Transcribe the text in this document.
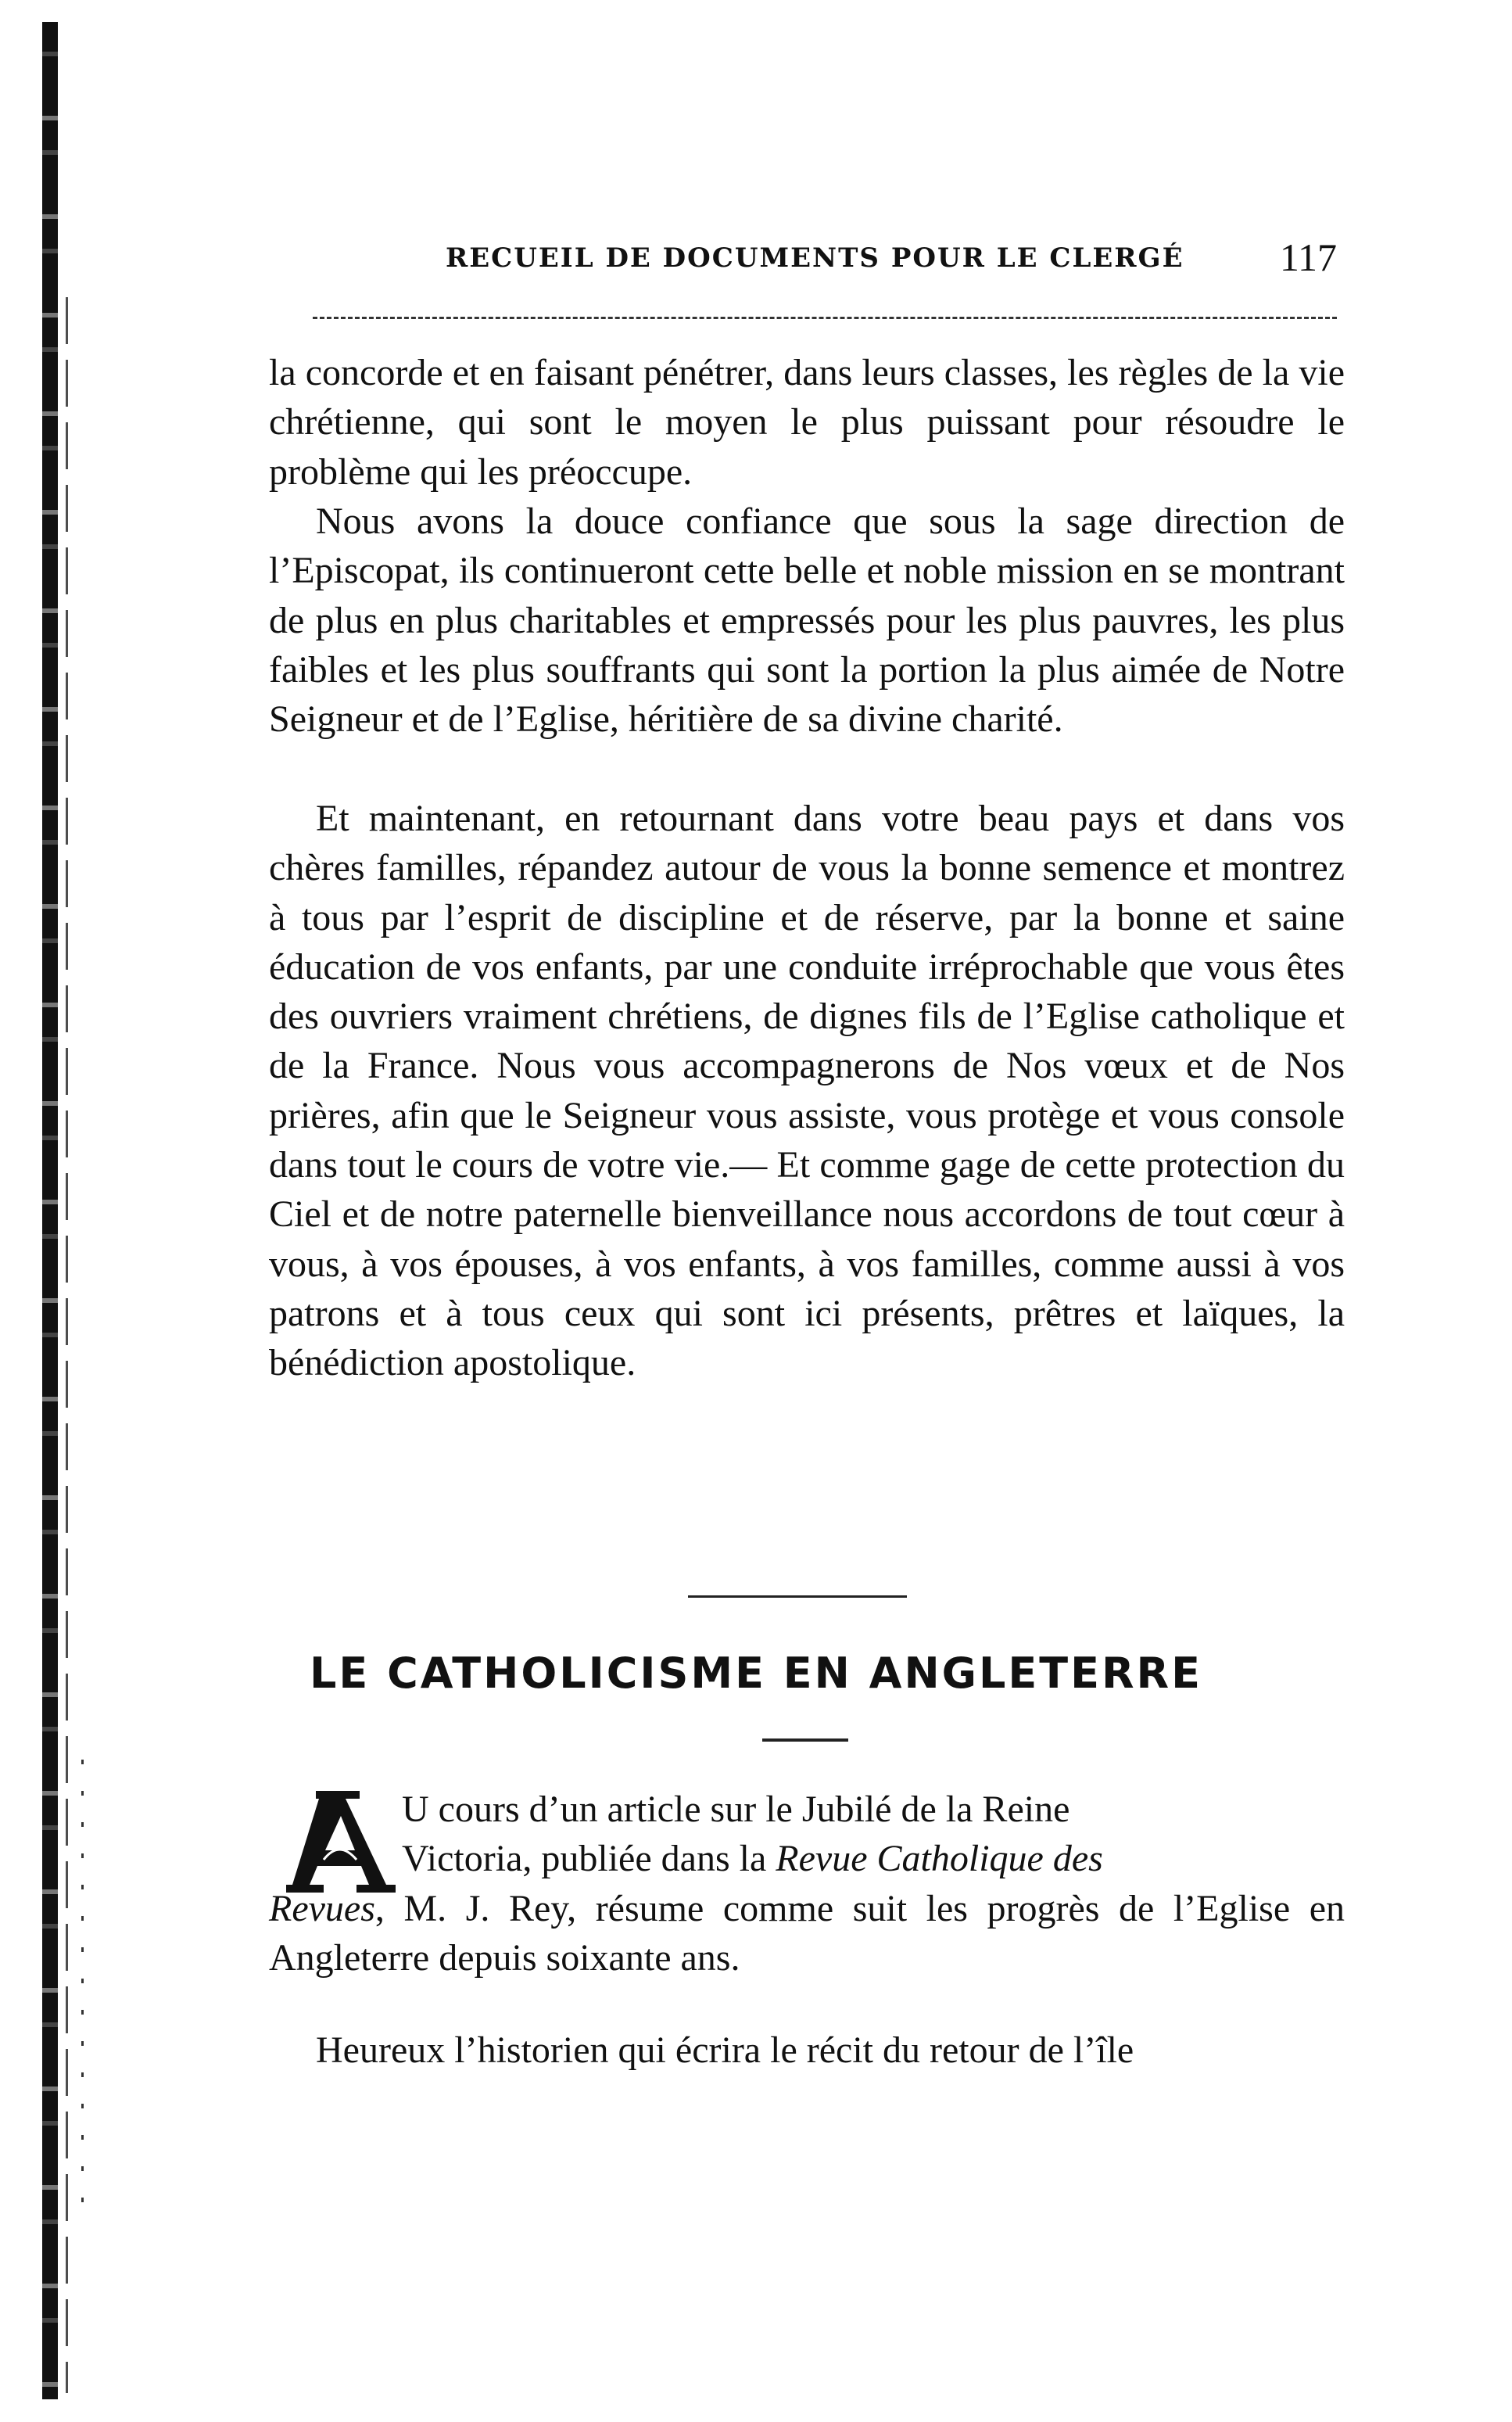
RECUEIL DE DOCUMENTS POUR LE CLERGÉ 117

la concorde et en faisant pénétrer, dans leurs classes, les règles de la vie chrétienne, qui sont le moyen le plus puissant pour résoudre le problème qui les préoccupe.

Nous avons la douce confiance que sous la sage direction de l’Episcopat, ils continueront cette belle et noble mission en se montrant de plus en plus charitables et empressés pour les plus pauvres, les plus faibles et les plus souffrants qui sont la portion la plus aimée de Notre Seigneur et de l’Eglise, héritière de sa divine charité.

Et maintenant, en retournant dans votre beau pays et dans vos chères familles, répandez autour de vous la bonne semence et montrez à tous par l’esprit de discipline et de réserve, par la bonne et saine éducation de vos enfants, par une conduite irréprochable que vous êtes des ouvriers vraiment chrétiens, de dignes fils de l’Eglise catholique et de la France. Nous vous accompagnerons de Nos vœux et de Nos prières, afin que le Seigneur vous assiste, vous protège et vous console dans tout le cours de votre vie.— Et comme gage de cette protection du Ciel et de notre paternelle bienveillance nous accordons de tout cœur à vous, à vos épouses, à vos enfants, à vos familles, comme aussi à vos patrons et à tous ceux qui sont ici présents, prêtres et laïques, la bénédiction apostolique.

LE CATHOLICISME EN ANGLETERRE
U cours d’un article sur le Jubilé de la Reine
Victoria, publiée dans la Revue Catholique des
Revues, M. J. Rey, résume comme suit les progrès de l’Eglise en Angleterre depuis soixante ans.

Heureux l’historien qui écrira le récit du retour de l’île
